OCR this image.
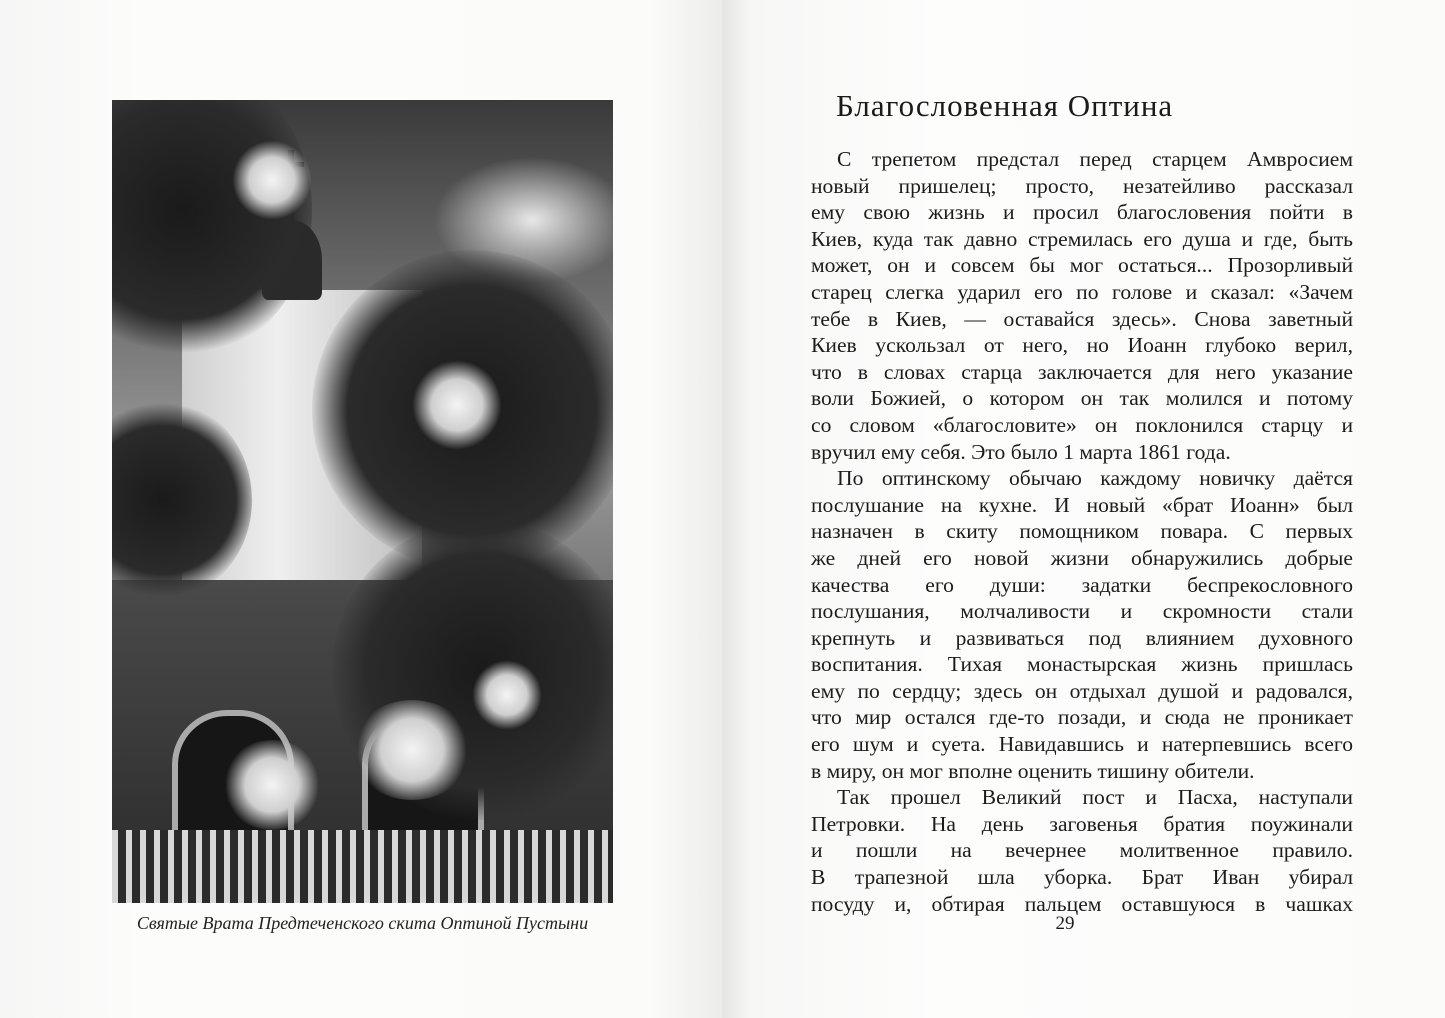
Святые Врата Предтеченского скита Оптиной Пустыни
Благословенная Оптина
С трепетом предстал перед старцем Амвросием
новый пришелец; просто, незатейливо рассказал
ему свою жизнь и просил благословения пойти в
Киев, куда так давно стремилась его душа и где, быть
может, он и совсем бы мог остаться... Прозорливый
старец слегка ударил его по голове и сказал: «Зачем
тебе в Киев, — оставайся здесь». Снова заветный
Киев ускользал от него, но Иоанн глубоко верил,
что в словах старца заключается для него указание
воли Божией, о котором он так молился и потому
со словом «благословите» он поклонился старцу и
вручил ему себя. Это было 1 марта 1861 года.
По оптинскому обычаю каждому новичку даётся
послушание на кухне. И новый «брат Иоанн» был
назначен в скиту помощником повара. С первых
же дней его новой жизни обнаружились добрые
качества его души: задатки беспрекословного
послушания, молчаливости и скромности стали
крепнуть и развиваться под влиянием духовного
воспитания. Тихая монастырская жизнь пришлась
ему по сердцу; здесь он отдыхал душой и радовался,
что мир остался где-то позади, и сюда не проникает
его шум и суета. Навидавшись и натерпевшись всего
в миру, он мог вполне оценить тишину обители.
Так прошел Великий пост и Пасха, наступали
Петровки. На день заговенья братия поужинали
и пошли на вечернее молитвенное правило.
В трапезной шла уборка. Брат Иван убирал
посуду и, обтирая пальцем оставшуюся в чашках
29
